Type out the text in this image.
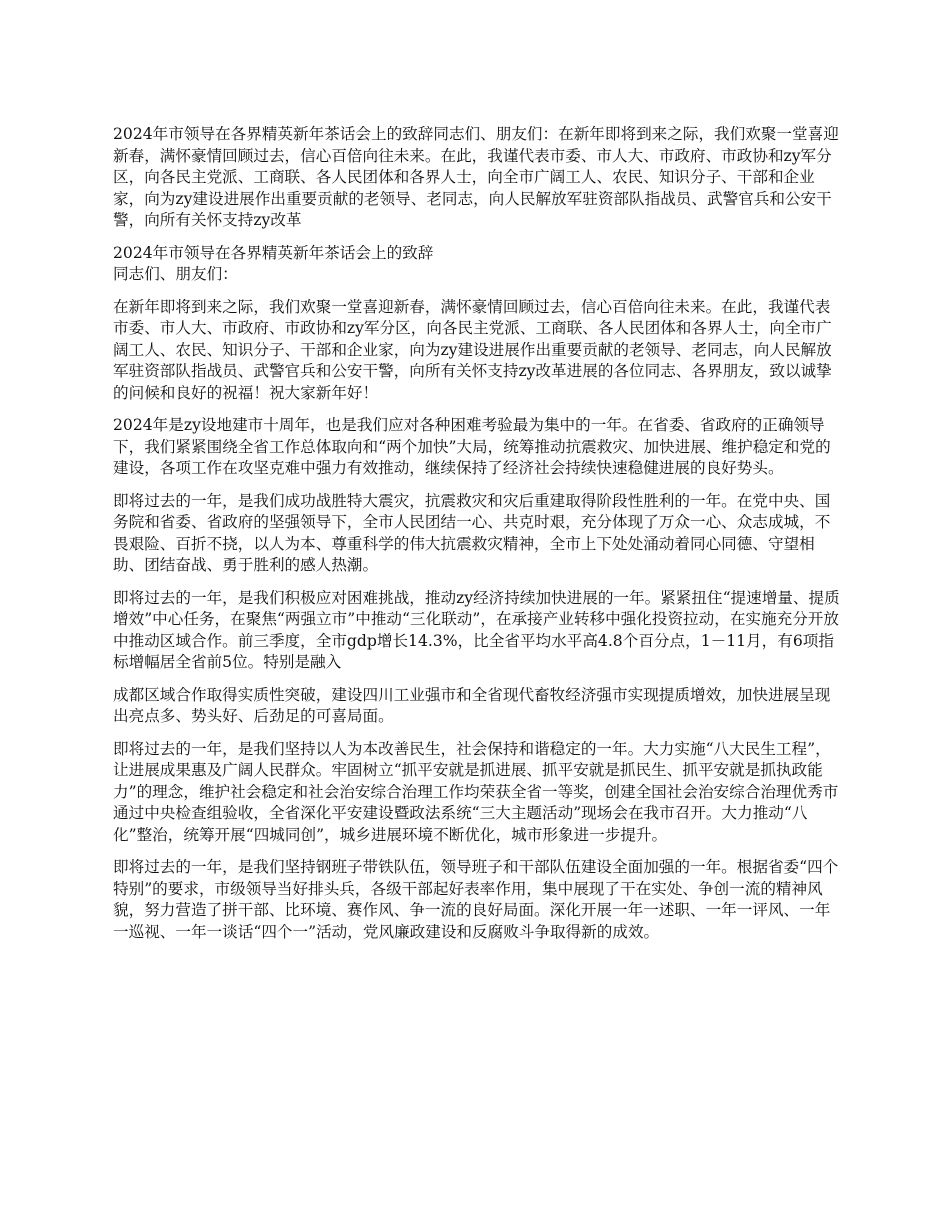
2024年市领导在各界精英新年茶话会上的致辞同志们、朋友们：在新年即将到来之际，我们欢聚一堂喜迎新春，满怀豪情回顾过去，信心百倍向往未来。在此，我谨代表市委、市人大、市政府、市政协和zy军分区，向各民主党派、工商联、各人民团体和各界人士，向全市广阔工人、农民、知识分子、干部和企业家，向为zy建设进展作出重要贡献的老领导、老同志，向人民解放军驻资部队指战员、武警官兵和公安干警，向所有关怀支持zy改革

2024年市领导在各界精英新年茶话会上的致辞
同志们、朋友们：

在新年即将到来之际，我们欢聚一堂喜迎新春，满怀豪情回顾过去，信心百倍向往未来。在此，我谨代表市委、市人大、市政府、市政协和zy军分区，向各民主党派、工商联、各人民团体和各界人士，向全市广阔工人、农民、知识分子、干部和企业家，向为zy建设进展作出重要贡献的老领导、老同志，向人民解放军驻资部队指战员、武警官兵和公安干警，向所有关怀支持zy改革进展的各位同志、各界朋友，致以诚挚的问候和良好的祝福！祝大家新年好！

2024年是zy设地建市十周年，也是我们应对各种困难考验最为集中的一年。在省委、省政府的正确领导下，我们紧紧围绕全省工作总体取向和“两个加快”大局，统筹推动抗震救灾、加快进展、维护稳定和党的建设，各项工作在攻坚克难中强力有效推动，继续保持了经济社会持续快速稳健进展的良好势头。

即将过去的一年，是我们成功战胜特大震灾，抗震救灾和灾后重建取得阶段性胜利的一年。在党中央、国务院和省委、省政府的坚强领导下，全市人民团结一心、共克时艰，充分体现了万众一心、众志成城，不畏艰险、百折不挠，以人为本、尊重科学的伟大抗震救灾精神，全市上下处处涌动着同心同德、守望相助、团结奋战、勇于胜利的感人热潮。

即将过去的一年，是我们积极应对困难挑战，推动zy经济持续加快进展的一年。紧紧扭住“提速增量、提质增效”中心任务，在聚焦“两强立市”中推动“三化联动”，在承接产业转移中强化投资拉动，在实施充分开放中推动区域合作。前三季度，全市gdp增长14.3%，比全省平均水平高4.8个百分点，1－11月，有6项指标增幅居全省前5位。特别是融入

成都区域合作取得实质性突破，建设四川工业强市和全省现代畜牧经济强市实现提质增效，加快进展呈现出亮点多、势头好、后劲足的可喜局面。

即将过去的一年，是我们坚持以人为本改善民生，社会保持和谐稳定的一年。大力实施“八大民生工程”，让进展成果惠及广阔人民群众。牢固树立“抓平安就是抓进展、抓平安就是抓民生、抓平安就是抓执政能力”的理念，维护社会稳定和社会治安综合治理工作均荣获全省一等奖，创建全国社会治安综合治理优秀市通过中央检查组验收，全省深化平安建设暨政法系统“三大主题活动”现场会在我市召开。大力推动“八化”整治，统筹开展“四城同创”，城乡进展环境不断优化，城市形象进一步提升。

即将过去的一年，是我们坚持钢班子带铁队伍，领导班子和干部队伍建设全面加强的一年。根据省委“四个特别”的要求，市级领导当好排头兵，各级干部起好表率作用，集中展现了干在实处、争创一流的精神风貌，努力营造了拼干部、比环境、赛作风、争一流的良好局面。深化开展一年一述职、一年一评风、一年一巡视、一年一谈话“四个一”活动，党风廉政建设和反腐败斗争取得新的成效。
